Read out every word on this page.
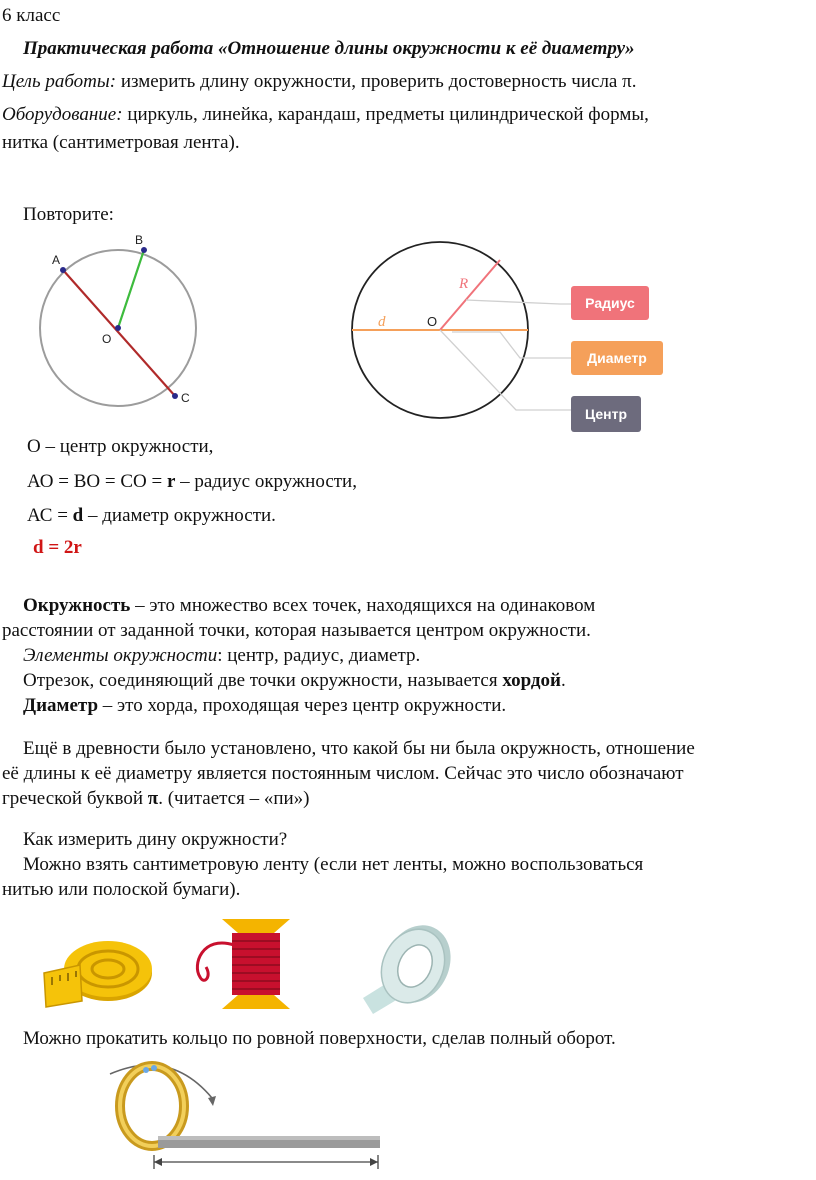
6 класс
Практическая работа «Отношение длины окружности к её диаметру»
Цель работы: измерить длину окружности, проверить достоверность числа π.
Оборудование: циркуль, линейка, карандаш, предметы цилиндрической формы,
нитка (сантиметровая лента).
Повторите:
A
B
C
O
d	O
R
Радиус
Диаметр
Центр
О – центр окружности,
АО = ВО = СО = r – радиус окружности,
АС = d – диаметр окружности.
d = 2r
Окружность – это множество всех точек, находящихся на одинаковом
расстоянии от заданной точки, которая называется центром окружности.
Элементы окружности: центр, радиус, диаметр.
Отрезок, соединяющий две точки окружности, называется хордой.
Диаметр – это хорда, проходящая через центр окружности.
Ещё в древности было установлено, что какой бы ни была окружность, отношение
её длины к её диаметру является постоянным числом. Сейчас это число обозначают
греческой буквой π. (читается – «пи»)
Как измерить дину окружности?
Можно взять сантиметровую ленту (если нет ленты, можно воспользоваться
нитью или полоской бумаги).
Можно прокатить кольцо по ровной поверхности, сделав полный оборот.
